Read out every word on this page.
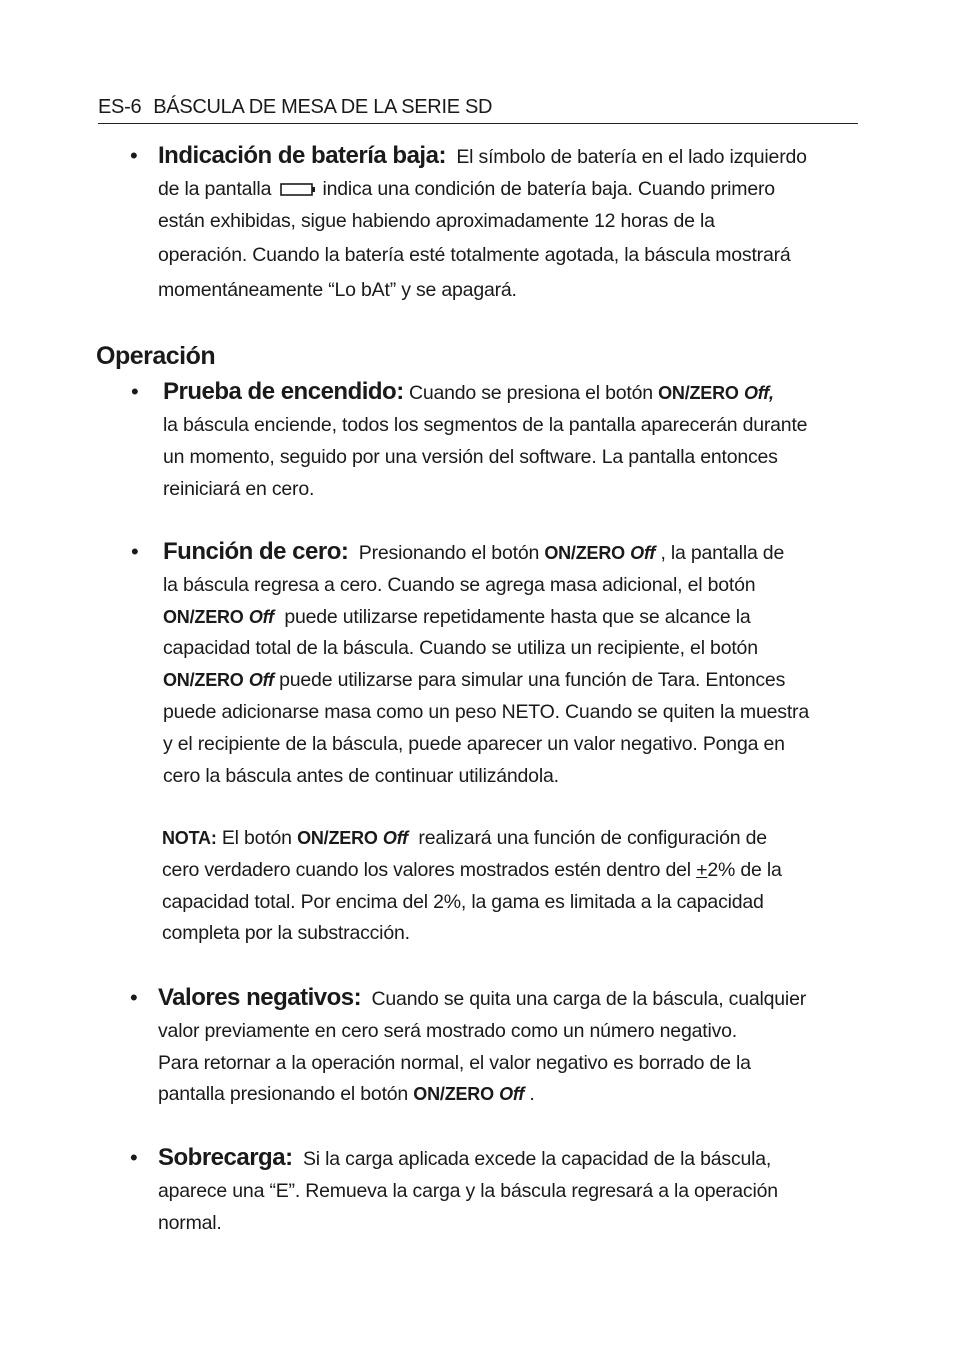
ES-6 BÁSCULA DE MESA DE LA SERIE SD
• Indicación de batería baja: El símbolo de batería en el lado izquierdo
de la pantalla	indica una condición de batería baja. Cuando primero
están exhibidas, sigue habiendo aproximadamente 12 horas de la
operación. Cuando la batería esté totalmente agotada, la báscula mostrará
momentáneamente “Lo bAt” y se apagará.
Operación
• Prueba de encendido: Cuando se presiona el botón ON/ZERO Off,
la báscula enciende, todos los segmentos de la pantalla aparecerán durante
un momento, seguido por una versión del software. La pantalla entonces
reiniciará en cero.
• Función de cero: Presionando el botón ON/ZERO Off , la pantalla de
la báscula regresa a cero. Cuando se agrega masa adicional, el botón
ON/ZERO Off puede utilizarse repetidamente hasta que se alcance la
capacidad total de la báscula. Cuando se utiliza un recipiente, el botón
ON/ZERO Off puede utilizarse para simular una función de Tara. Entonces
puede adicionarse masa como un peso NETO. Cuando se quiten la muestra
y el recipiente de la báscula, puede aparecer un valor negativo. Ponga en
cero la báscula antes de continuar utilizándola.
NOTA: El botón ON/ZERO Off realizará una función de configuración de
cero verdadero cuando los valores mostrados estén dentro del +2% de la
capacidad total. Por encima del 2%, la gama es limitada a la capacidad
completa por la substracción.
• Valores negativos: Cuando se quita una carga de la báscula, cualquier
valor previamente en cero será mostrado como un número negativo.
Para retornar a la operación normal, el valor negativo es borrado de la
pantalla presionando el botón ON/ZERO Off .
• Sobrecarga: Si la carga aplicada excede la capacidad de la báscula,
aparece una “E”. Remueva la carga y la báscula regresará a la operación
normal.
